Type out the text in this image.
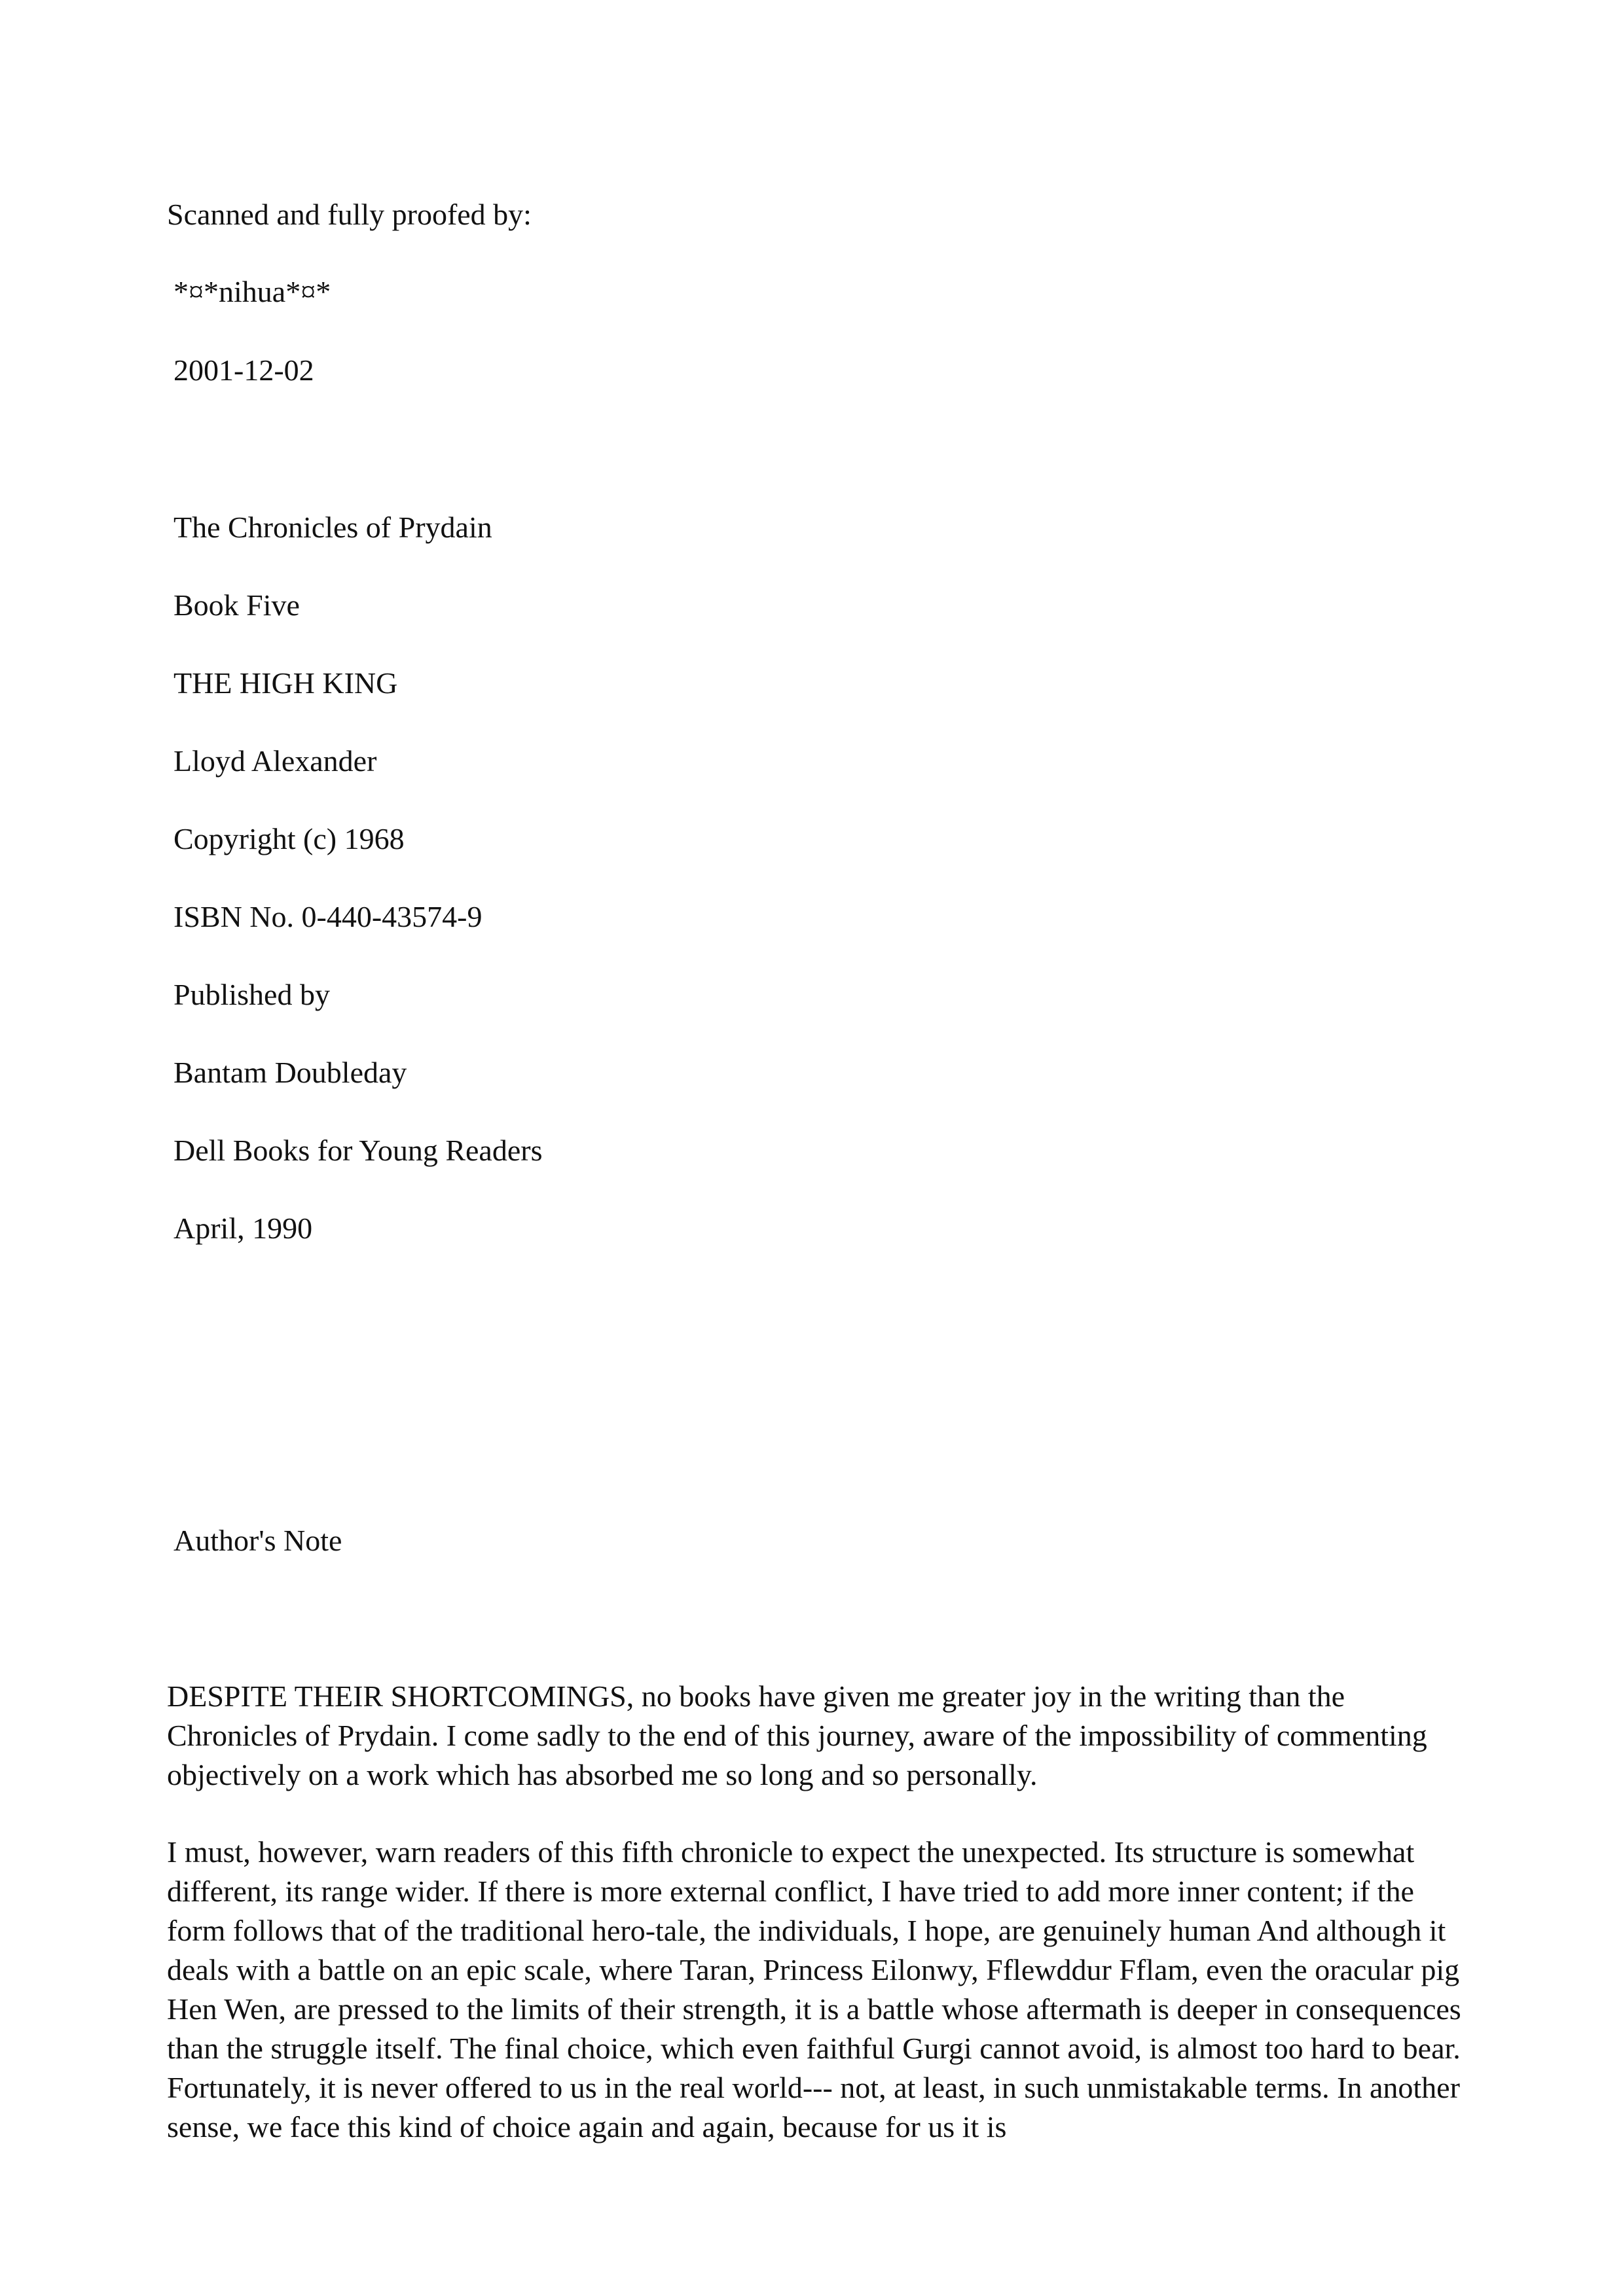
Scanned and fully proofed by:

*¤*nihua*¤*

2001-12-02

The Chronicles of Prydain

Book Five

THE HIGH KING

Lloyd Alexander

Copyright (c) 1968

ISBN No. 0-440-43574-9

Published by

Bantam Doubleday

Dell Books for Young Readers

April, 1990

Author's Note

DESPITE THEIR SHORTCOMINGS, no books have given me greater joy in the writing than the Chronicles of Prydain. I come sadly to the end of this journey, aware of the impossibility of commenting objectively on a work which has absorbed me so long and so personally.

I must, however, warn readers of this fifth chronicle to expect the unexpected. Its structure is somewhat different, its range wider. If there is more external conflict, I have tried to add more inner content; if the form follows that of the traditional hero-tale, the individuals, I hope, are genuinely human And although it deals with a battle on an epic scale, where Taran, Princess Eilonwy, Fflewddur Fflam, even the oracular pig Hen Wen, are pressed to the limits of their strength, it is a battle whose aftermath is deeper in consequences than the struggle itself. The final choice, which even faithful Gurgi cannot avoid, is almost too hard to bear. Fortunately, it is never offered to us in the real world--- not, at least, in such unmistakable terms. In another sense, we face this kind of choice again and again, because for us it is
